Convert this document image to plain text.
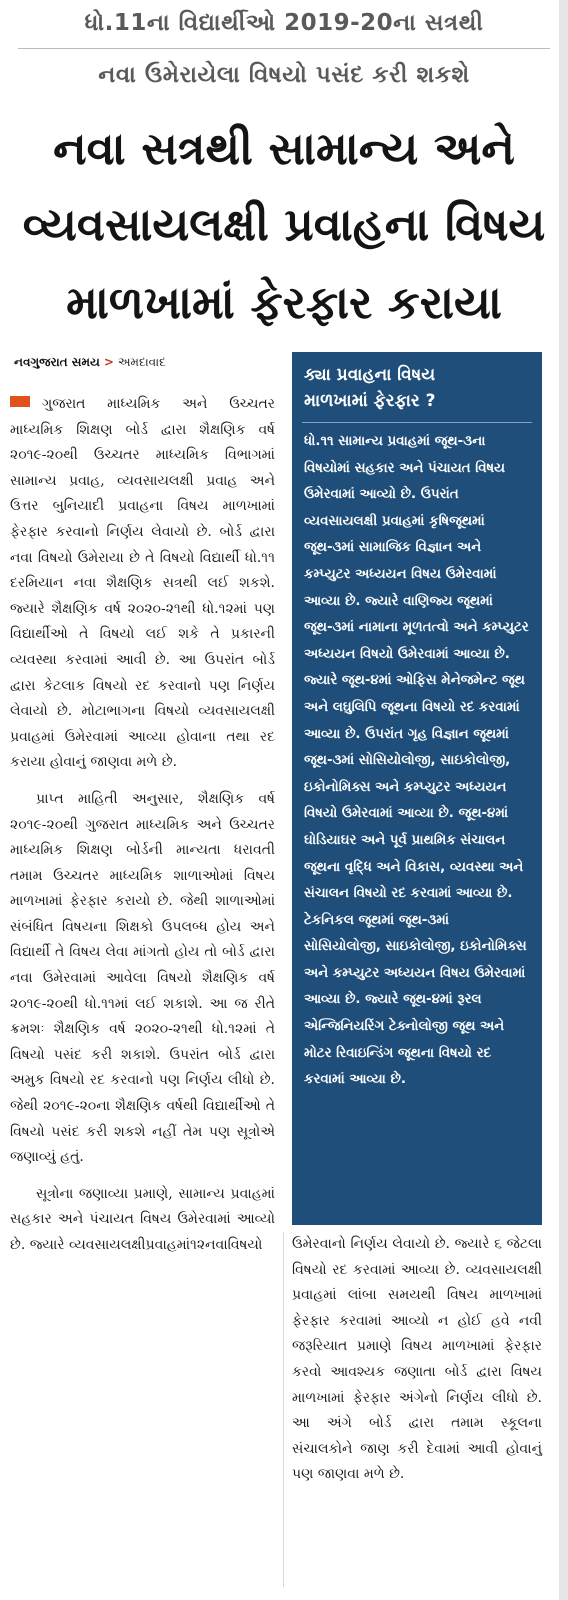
ધો.11ના વિદ્યાર્થીઓ 2019-20ના સત્રથી
નવા ઉમેરાયેલા વિષયો પસંદ કરી શકશે
નવા સત્રથી સામાન્ય અને
વ્યવસાયલક્ષી પ્રવાહના વિષય
માળખામાં ફેરફાર કરાયા
નવગુજરાત સમય > અમદાવાદ

ગુજરાત માધ્યમિક અને ઉચ્ચતર માધ્યમિક શિક્ષણ બોર્ડ દ્વારા શૈક્ષણિક વર્ષ ૨૦૧૯-૨૦થી ઉચ્ચતર માધ્યમિક વિભાગમાં સામાન્ય પ્રવાહ, વ્યવસાયલક્ષી પ્રવાહ અને ઉત્તર બુનિયાદી પ્રવાહના વિષય માળખામાં ફેરફાર કરવાનો નિર્ણય લેવાયો છે. બોર્ડ દ્વારા નવા વિષયો ઉમેરાયા છે તે વિષયો વિદ્યાર્થી ધો.૧૧ દરમિયાન નવા શૈક્ષણિક સત્રથી લઈ શકશે. જ્યારે શૈક્ષણિક વર્ષ ૨૦૨૦-૨૧થી ધો.૧૨માં પણ વિદ્યાર્થીઓ તે વિષયો લઈ શકે તે પ્રકારની વ્યવસ્થા કરવામાં આવી છે. આ ઉપરાંત બોર્ડ દ્વારા કેટલાક વિષયો રદ કરવાનો પણ નિર્ણય લેવાયો છે. મોટાભાગના વિષયો વ્યવસાયલક્ષી પ્રવાહમાં ઉમેરવામાં આવ્યા હોવાના તથા રદ કરાયા હોવાનું જાણવા મળે છે.

પ્રાપ્ત માહિતી અનુસાર, શૈક્ષણિક વર્ષ ૨૦૧૯-૨૦થી ગુજરાત માધ્યમિક અને ઉચ્ચતર માધ્યમિક શિક્ષણ બોર્ડની માન્યતા ધરાવતી તમામ ઉચ્ચતર માધ્યમિક શાળાઓમાં વિષય માળખામાં ફેરફાર કરાયો છે. જેથી શાળાઓમાં સંબંધિત વિષયના શિક્ષકો ઉપલબ્ધ હોય અને વિદ્યાર્થી તે વિષય લેવા માંગતો હોય તો બોર્ડ દ્વારા નવા ઉમેરવામાં આવેલા વિષયો શૈક્ષણિક વર્ષ ૨૦૧૯-૨૦થી ધો.૧૧માં લઈ શકાશે. આ જ રીતે ક્રમશઃ શૈક્ષણિક વર્ષ ૨૦૨૦-૨૧થી ધો.૧૨માં તે વિષયો પસંદ કરી શકાશે. ઉપરાંત બોર્ડ દ્વારા અમુક વિષયો રદ કરવાનો પણ નિર્ણય લીધો છે. જેથી ૨૦૧૯-૨૦ના શૈક્ષણિક વર્ષથી વિદ્યાર્થીઓ તે વિષયો પસંદ કરી શકશે નહીં તેમ પણ સૂત્રોએ જણાવ્યું હતું.

સૂત્રોના જણાવ્યા પ્રમાણે, સામાન્ય પ્રવાહમાં સહકાર અને પંચાયત વિષય ઉમેરવામાં આવ્યો છે. જ્યારે વ્યવસાયલક્ષીપ્રવાહમાં૧૨નવાવિષયો

ક્યા પ્રવાહના વિષય
માળખામાં ફેરફાર ?
ધો.૧૧ સામાન્ય પ્રવાહમાં જૂથ-૩ના વિષયોમાં સહકાર અને પંચાયત વિષય ઉમેરવામાં આવ્યો છે. ઉપરાંત વ્યવસાયલક્ષી પ્રવાહમાં કૃષિજૂથમાં જૂથ-૩માં સામાજિક વિજ્ઞાન અને કમ્પ્યુટર અધ્યયન વિષય ઉમેરવામાં આવ્યા છે. જ્યારે વાણિજ્ય જૂથમાં જૂથ-૩માં નામાના મૂળતત્વો અને કમ્પ્યુટર અધ્યયન વિષયો ઉમેરવામાં આવ્યા છે. જ્યારે જૂથ-૪માં ઓફિસ મેનેજમેન્ટ જૂથ અને લઘુલિપિ જૂથના વિષયો રદ કરવામાં આવ્યા છે. ઉપરાંત ગૃહ વિજ્ઞાન જૂથમાં જૂથ-૩માં સોસિયોલોજી, સાઇકોલોજી, ઇકોનોમિક્સ અને કમ્પ્યુટર અધ્યયન વિષયો ઉમેરવામાં આવ્યા છે. જૂથ-૪માં ઘોડિયાઘર અને પૂર્વ પ્રાથમિક સંચાલન જૂથના વૃદ્ધિ અને વિકાસ, વ્યવસ્થા અને સંચાલન વિષયો રદ કરવામાં આવ્યા છે. ટેકનિકલ જૂથમાં જૂથ-૩માં સોસિયોલોજી, સાઇકોલોજી, ઇકોનોમિક્સ અને કમ્પ્યુટર અધ્યયન વિષય ઉમેરવામાં આવ્યા છે. જ્યારે જૂથ-૪માં રૂરલ એન્જિનિયરિંગ ટેક્નોલોજી જૂથ અને મોટર રિવાઇન્ડિંગ જૂથના વિષયો રદ કરવામાં આવ્યા છે.

ઉમેરવાનો નિર્ણય લેવાયો છે. જ્યારે ૬ જેટલા વિષયો રદ કરવામાં આવ્યા છે. વ્યવસાયલક્ષી પ્રવાહમાં લાંબા સમયથી વિષય માળખામાં ફેરફાર કરવામાં આવ્યો ન હોઈ હવે નવી જરૂરિયાત પ્રમાણે વિષય માળખામાં ફેરફાર કરવો આવશ્યક જણાતા બોર્ડ દ્વારા વિષય માળખામાં ફેરફાર અંગેનો નિર્ણય લીધો છે. આ અંગે બોર્ડ દ્વારા તમામ સ્કૂલના સંચાલકોને જાણ કરી દેવામાં આવી હોવાનું પણ જાણવા મળે છે.
